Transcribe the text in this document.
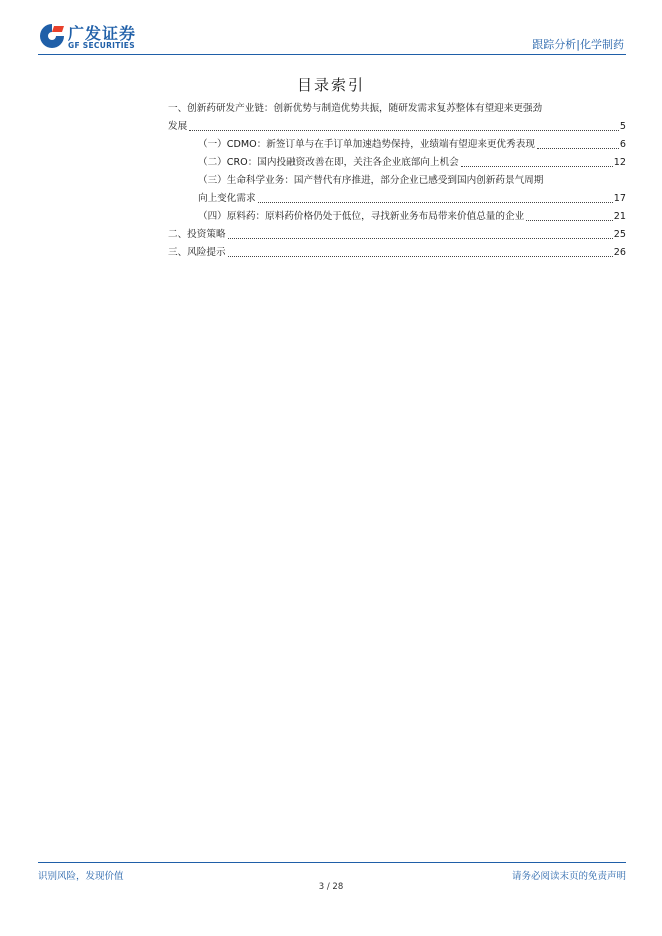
广发证券
GF SECURITIES	跟踪分析|化学制药
目录索引
一、创新药研发产业链：创新优势与制造优势共振，随研发需求复苏整体有望迎来更强劲
发展	5
（一）CDMO：新签订单与在手订单加速趋势保持，业绩端有望迎来更优秀表现	6
（二）CRO：国内投融资改善在即，关注各企业底部向上机会	12
（三）生命科学业务：国产替代有序推进，部分企业已感受到国内创新药景气周期
向上变化需求	17
（四）原料药：原料药价格仍处于低位，寻找新业务布局带来价值总量的企业	21
二、投资策略	25
三、风险提示	26
识别风险，发现价值	请务必阅读末页的免责声明
3 / 28
